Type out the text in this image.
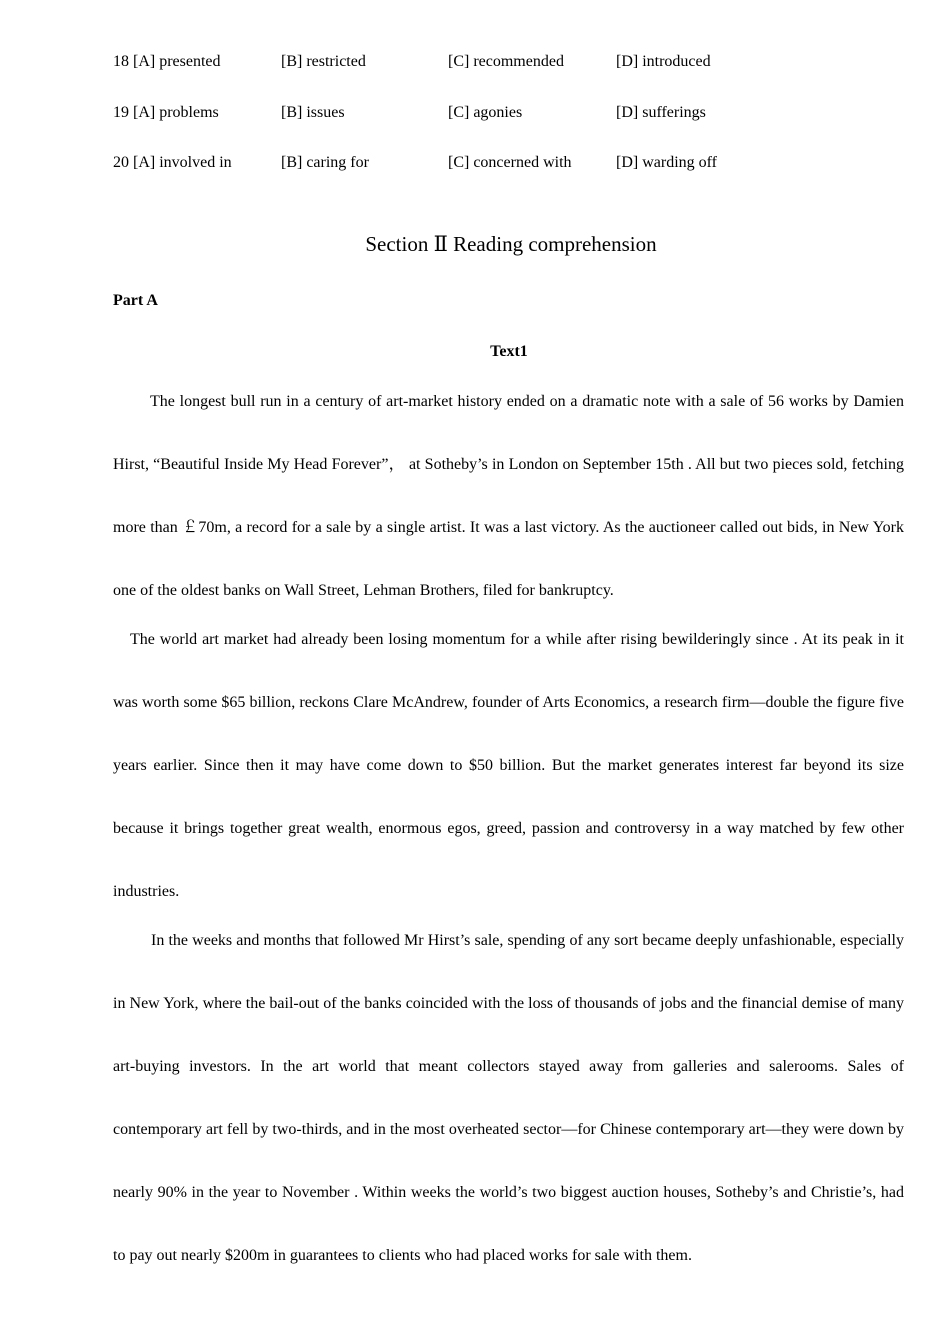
18 [A] presented	[B] restricted	[C] recommended	[D] introduced
19 [A] problems	[B] issues	[C] agonies	[D] sufferings
20 [A] involved in	[B] caring for	[C] concerned with	[D] warding off
Section Ⅱ Reading comprehension
Part A
Text1

The longest bull run in a century of art-market history ended on a dramatic note with a sale of 56 works by Damien Hirst, “Beautiful Inside My Head Forever”， at Sotheby’s in London on September 15th . All but two pieces sold, fetching more than ￡70m, a record for a sale by a single artist. It was a last victory. As the auctioneer called out bids, in New York one of the oldest banks on Wall Street, Lehman Brothers, filed for bankruptcy.

The world art market had already been losing momentum for a while after rising bewilderingly since . At its peak in it was worth some $65 billion, reckons Clare McAndrew, founder of Arts Economics, a research firm—double the figure five years earlier. Since then it may have come down to $50 billion. But the market generates interest far beyond its size because it brings together great wealth, enormous egos, greed, passion and controversy in a way matched by few other industries.

In the weeks and months that followed Mr Hirst’s sale, spending of any sort became deeply unfashionable, especially in New York, where the bail-out of the banks coincided with the loss of thousands of jobs and the financial demise of many art-buying investors. In the art world that meant collectors stayed away from galleries and salerooms. Sales of contemporary art fell by two-thirds, and in the most overheated sector—for Chinese contemporary art—they were down by nearly 90% in the year to November . Within weeks the world’s two biggest auction houses, Sotheby’s and Christie’s, had to pay out nearly $200m in guarantees to clients who had placed works for sale with them.
